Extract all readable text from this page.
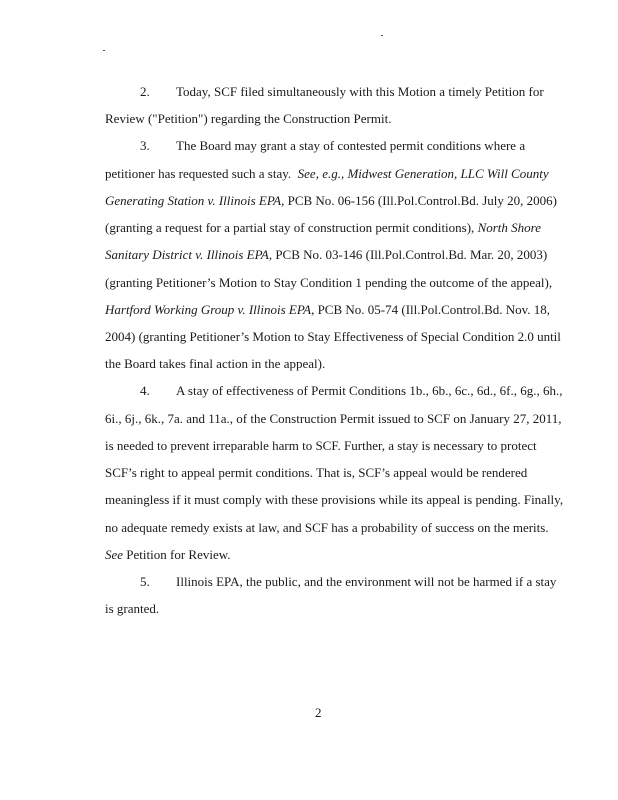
2. Today, SCF filed simultaneously with this Motion a timely Petition for
Review ("Petition") regarding the Construction Permit.
3. The Board may grant a stay of contested permit conditions where a
petitioner has requested such a stay. See, e.g., Midwest Generation, LLC Will County
Generating Station v. Illinois EPA, PCB No. 06-156 (Ill.Pol.Control.Bd. July 20, 2006)
(granting a request for a partial stay of construction permit conditions), North Shore
Sanitary District v. Illinois EPA, PCB No. 03-146 (Ill.Pol.Control.Bd. Mar. 20, 2003)
(granting Petitioner’s Motion to Stay Condition 1 pending the outcome of the appeal),
Hartford Working Group v. Illinois EPA, PCB No. 05-74 (Ill.Pol.Control.Bd. Nov. 18,
2004) (granting Petitioner’s Motion to Stay Effectiveness of Special Condition 2.0 until
the Board takes final action in the appeal).
4. A stay of effectiveness of Permit Conditions 1b., 6b., 6c., 6d., 6f., 6g., 6h.,
6i., 6j., 6k., 7a. and 11a., of the Construction Permit issued to SCF on January 27, 2011,
is needed to prevent irreparable harm to SCF. Further, a stay is necessary to protect
SCF’s right to appeal permit conditions. That is, SCF’s appeal would be rendered
meaningless if it must comply with these provisions while its appeal is pending. Finally,
no adequate remedy exists at law, and SCF has a probability of success on the merits.
See Petition for Review.
5. Illinois EPA, the public, and the environment will not be harmed if a stay
is granted.
2
